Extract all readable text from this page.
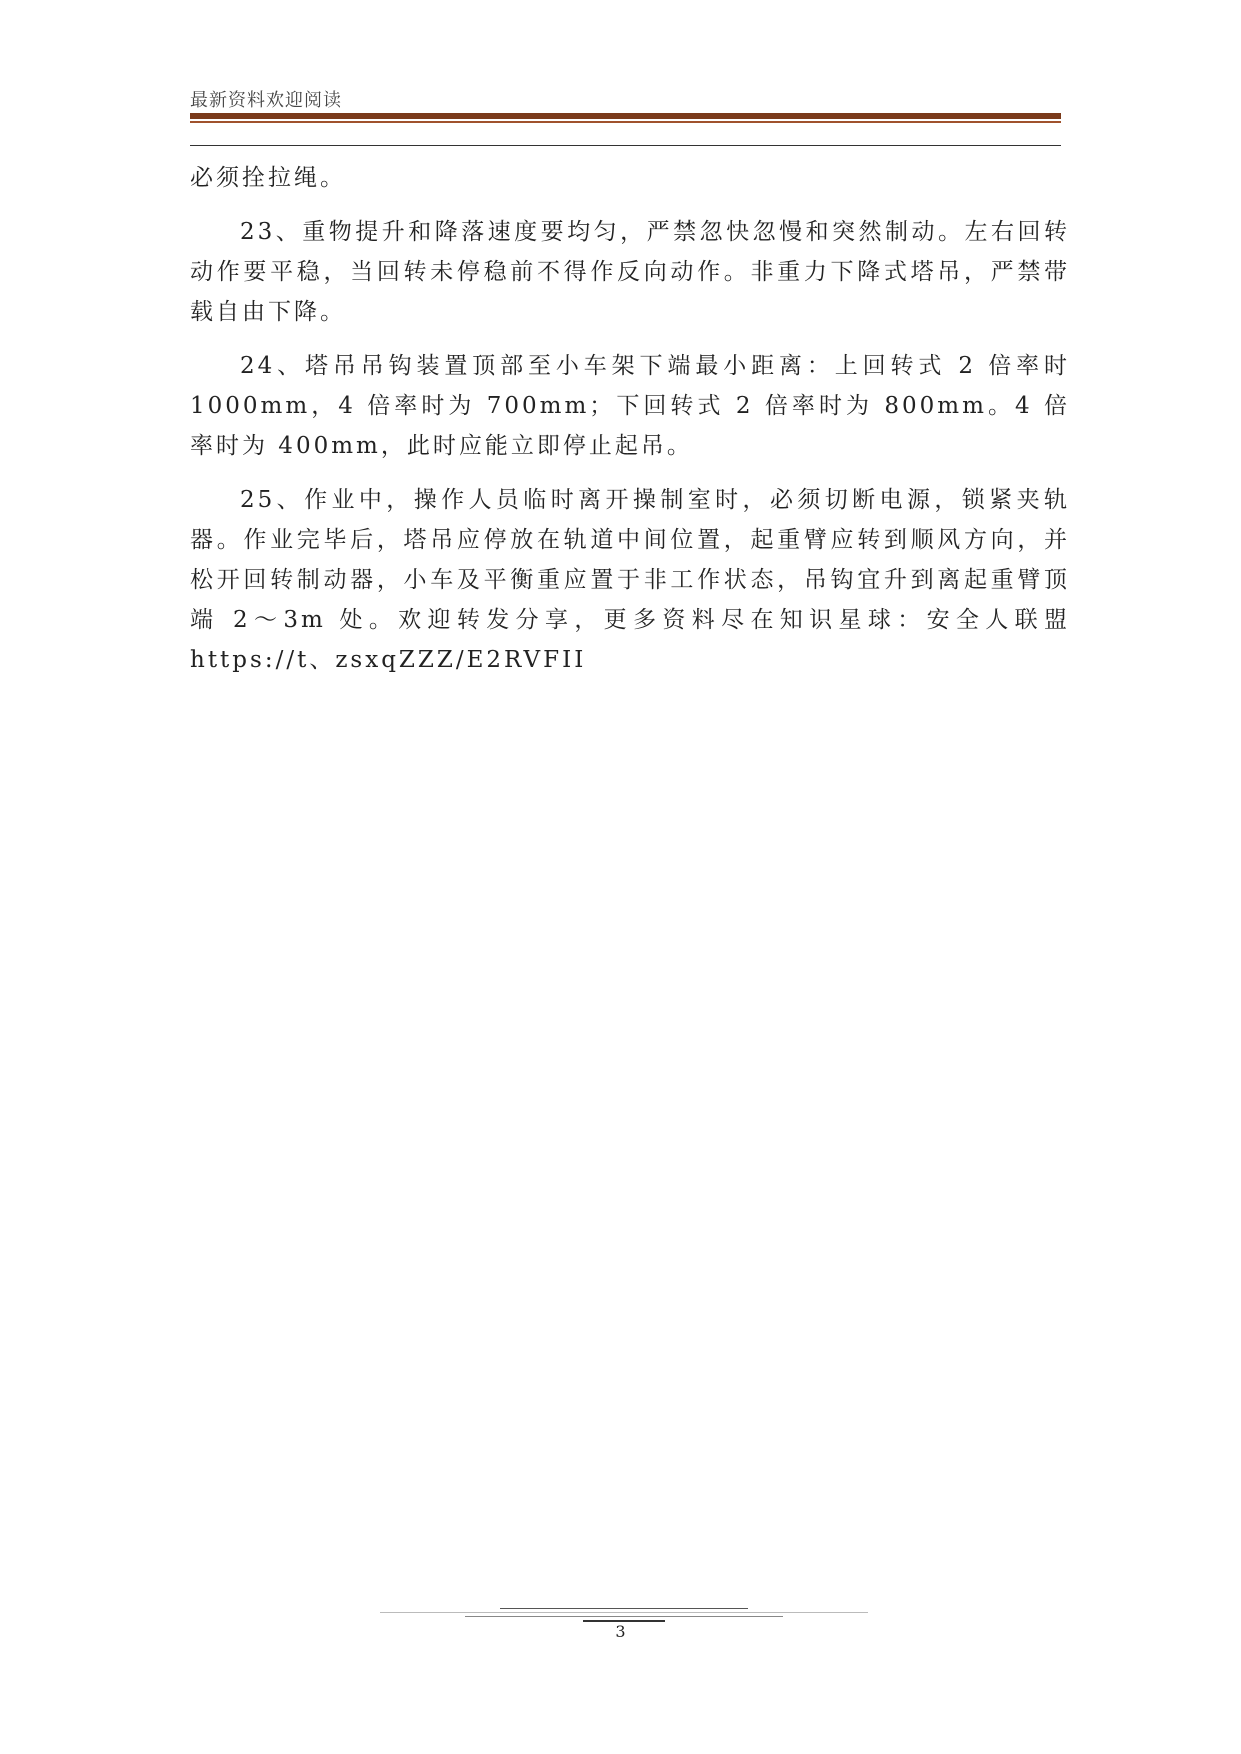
最新资料欢迎阅读

必须拴拉绳。

23、重物提升和降落速度要均匀，严禁忽快忽慢和突然制动。左右回转动作要平稳，当回转未停稳前不得作反向动作。非重力下降式塔吊，严禁带载自由下降。

24、塔吊吊钩装置顶部至小车架下端最小距离：上回转式 2 倍率时 1000mm，4 倍率时为 700mm；下回转式 2 倍率时为 800mm。4 倍率时为 400mm，此时应能立即停止起吊。

25、作业中，操作人员临时离开操制室时，必须切断电源，锁紧夹轨器。作业完毕后，塔吊应停放在轨道中间位置，起重臂应转到顺风方向，并松开回转制动器，小车及平衡重应置于非工作状态，吊钩宜升到离起重臂顶端 2～3m 处。欢迎转发分享，更多资料尽在知识星球：安全人联盟 https://t、zsxqZZZ/E2RVFII

3
